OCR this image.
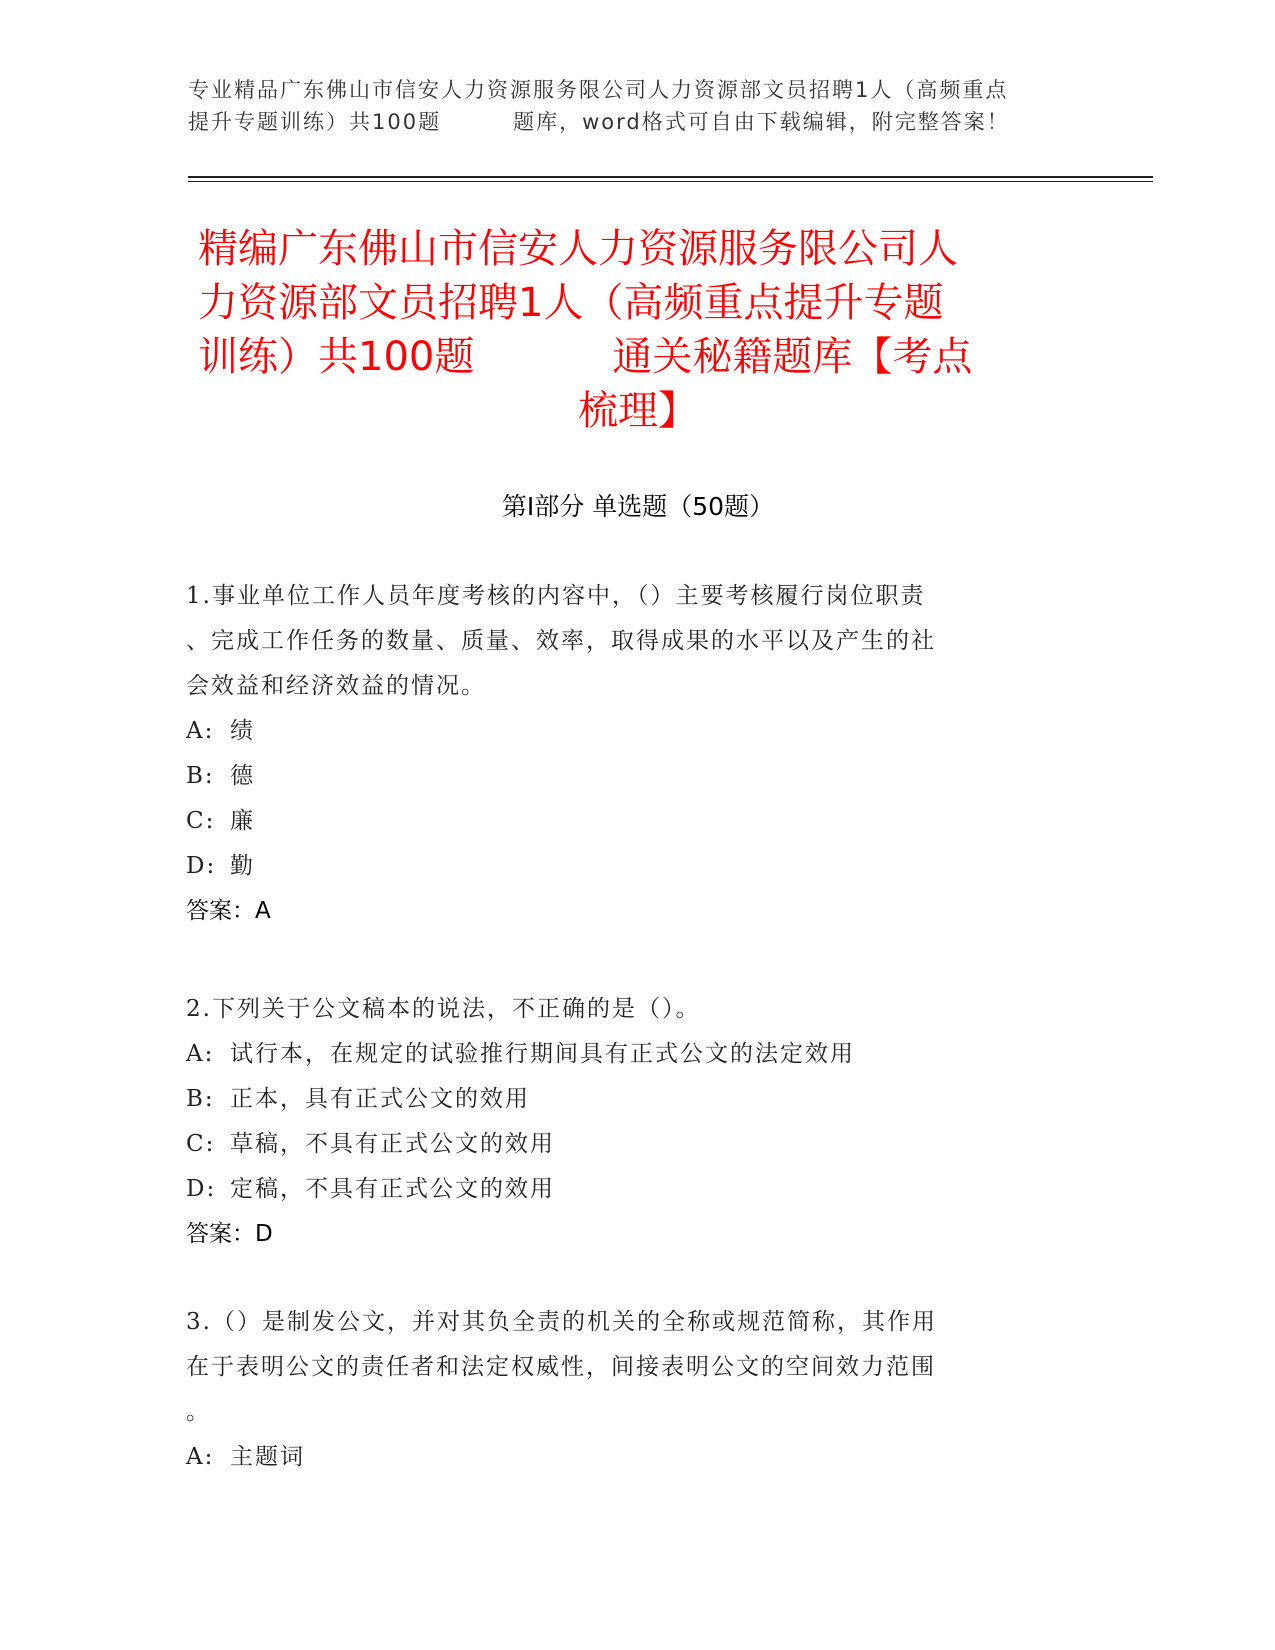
专业精品广东佛山市信安人力资源服务限公司人力资源部文员招聘1人（高频重点
提升专题训练）共100题	题库，word格式可自由下载编辑，附完整答案！
精编广东佛山市信安人力资源服务限公司人
力资源部文员招聘1人（高频重点提升专题
训练）共100题	通关秘籍题库【考点
梳理】
第Ⅰ部分 单选题（50题）
1.事业单位工作人员年度考核的内容中，（）主要考核履行岗位职责
、完成工作任务的数量、质量、效率，取得成果的水平以及产生的社
会效益和经济效益的情况。
A: 绩
B: 德
C: 廉
D: 勤
答案：A
2.下列关于公文稿本的说法，不正确的是（）。
A: 试行本，在规定的试验推行期间具有正式公文的法定效用
B: 正本，具有正式公文的效用
C: 草稿，不具有正式公文的效用
D: 定稿，不具有正式公文的效用
答案：D
3.（）是制发公文，并对其负全责的机关的全称或规范简称，其作用
在于表明公文的责任者和法定权威性，间接表明公文的空间效力范围
。
A: 主题词
